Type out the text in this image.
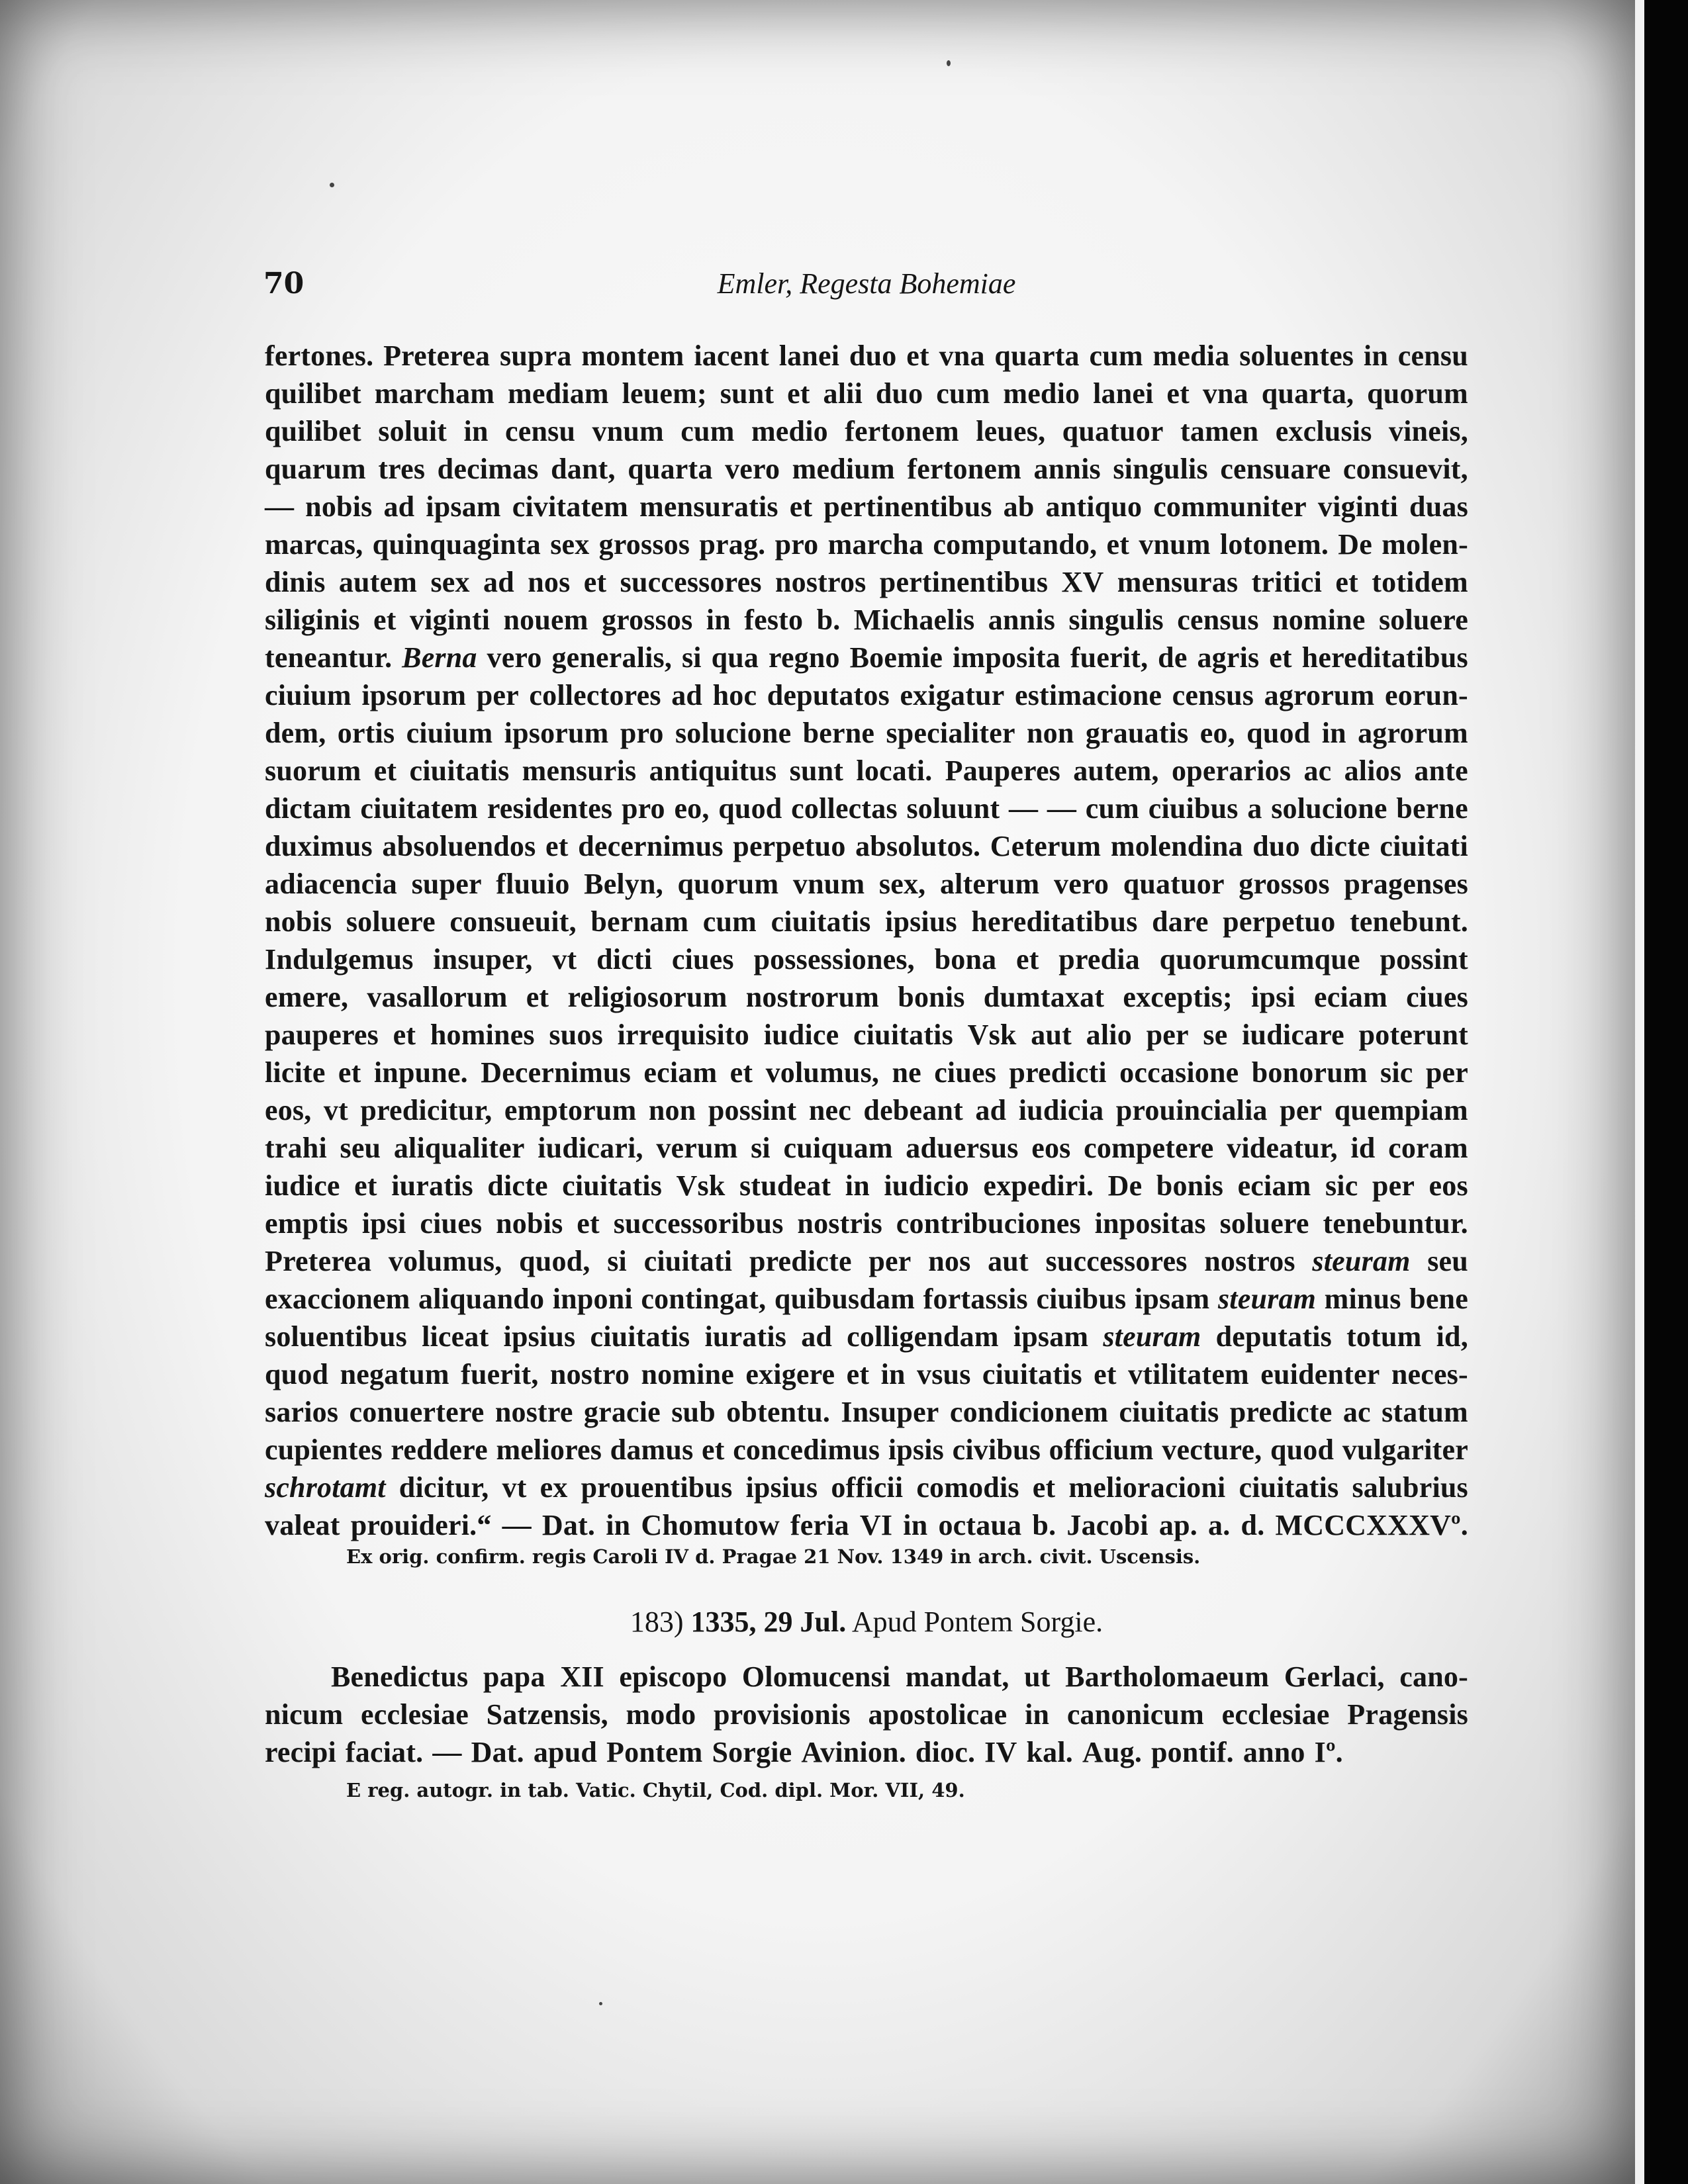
70	Emler, Regesta Bohemiae
fertones. Preterea supra montem iacent lanei duo et vna quarta cum media soluentes in censu
quilibet marcham mediam leuem; sunt et alii duo cum medio lanei et vna quarta, quorum
quilibet soluit in censu vnum cum medio fertonem leues, quatuor tamen exclusis vineis,
quarum tres decimas dant, quarta vero medium fertonem annis singulis censuare consuevit,
— nobis ad ipsam civitatem mensuratis et pertinentibus ab antiquo communiter viginti duas
marcas, quinquaginta sex grossos prag. pro marcha computando, et vnum lotonem. De molen-
dinis autem sex ad nos et successores nostros pertinentibus XV mensuras tritici et totidem
siliginis et viginti nouem grossos in festo b. Michaelis annis singulis census nomine soluere
teneantur. Berna vero generalis, si qua regno Boemie imposita fuerit, de agris et hereditatibus
ciuium ipsorum per collectores ad hoc deputatos exigatur estimacione census agrorum eorun-
dem, ortis ciuium ipsorum pro solucione berne specialiter non grauatis eo, quod in agrorum
suorum et ciuitatis mensuris antiquitus sunt locati. Pauperes autem, operarios ac alios ante
dictam ciuitatem residentes pro eo, quod collectas soluunt — — cum ciuibus a solucione berne
duximus absoluendos et decernimus perpetuo absolutos. Ceterum molendina duo dicte ciuitati
adiacencia super fluuio Belyn, quorum vnum sex, alterum vero quatuor grossos pragenses
nobis soluere consueuit, bernam cum ciuitatis ipsius hereditatibus dare perpetuo tenebunt.
Indulgemus insuper, vt dicti ciues possessiones, bona et predia quorumcumque possint
emere, vasallorum et religiosorum nostrorum bonis dumtaxat exceptis; ipsi eciam ciues
pauperes et homines suos irrequisito iudice ciuitatis Vsk aut alio per se iudicare poterunt
licite et inpune. Decernimus eciam et volumus, ne ciues predicti occasione bonorum sic per
eos, vt predicitur, emptorum non possint nec debeant ad iudicia prouincialia per quempiam
trahi seu aliqualiter iudicari, verum si cuiquam aduersus eos competere videatur, id coram
iudice et iuratis dicte ciuitatis Vsk studeat in iudicio expediri. De bonis eciam sic per eos
emptis ipsi ciues nobis et successoribus nostris contribuciones inpositas soluere tenebuntur.
Preterea volumus, quod, si ciuitati predicte per nos aut successores nostros steuram seu
exaccionem aliquando inponi contingat, quibusdam fortassis ciuibus ipsam steuram minus bene
soluentibus liceat ipsius ciuitatis iuratis ad colligendam ipsam steuram deputatis totum id,
quod negatum fuerit, nostro nomine exigere et in vsus ciuitatis et vtilitatem euidenter neces-
sarios conuertere nostre gracie sub obtentu. Insuper condicionem ciuitatis predicte ac statum
cupientes reddere meliores damus et concedimus ipsis civibus officium vecture, quod vulgariter
schrotamt dicitur, vt ex prouentibus ipsius officii comodis et melioracioni ciuitatis salubrius
valeat prouideri.“ — Dat. in Chomutow feria VI in octaua b. Jacobi ap. a. d. MCCCXXXVº.
Ex orig. confirm. regis Caroli IV d. Pragae 21 Nov. 1349 in arch. civit. Uscensis.
183) 1335, 29 Jul. Apud Pontem Sorgie.
Benedictus papa XII episcopo Olomucensi mandat, ut Bartholomaeum Gerlaci, cano-
nicum ecclesiae Satzensis, modo provisionis apostolicae in canonicum ecclesiae Pragensis
recipi faciat. — Dat. apud Pontem Sorgie Avinion. dioc. IV kal. Aug. pontif. anno Iº.
E reg. autogr. in tab. Vatic. Chytil, Cod. dipl. Mor. VII, 49.
